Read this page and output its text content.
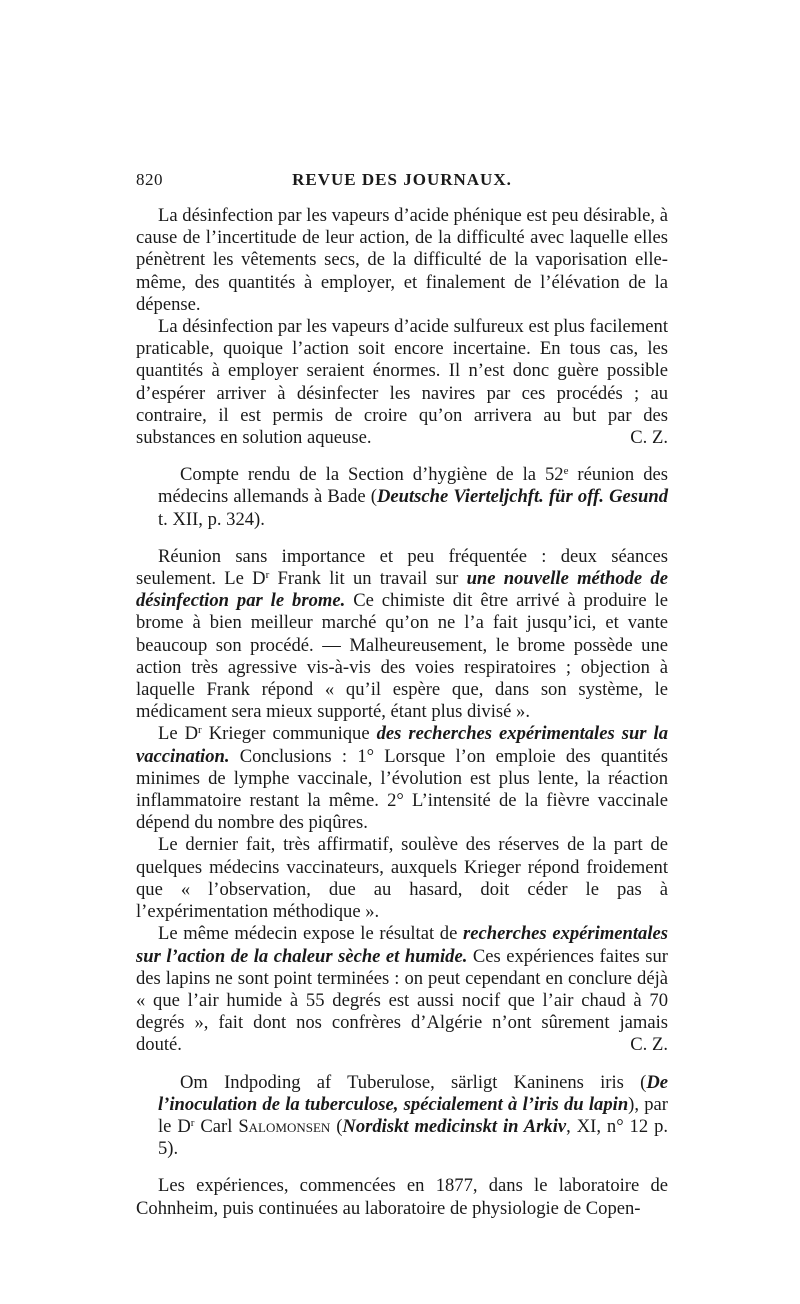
820	REVUE DES JOURNAUX.

La désinfection par les vapeurs d’acide phénique est peu désirable, à cause de l’incertitude de leur action, de la difficulté avec laquelle elles pénètrent les vêtements secs, de la difficulté de la vaporisation elle-même, des quantités à employer, et finalement de l’élévation de la dépense.

La désinfection par les vapeurs d’acide sulfureux est plus facilement praticable, quoique l’action soit encore incertaine. En tous cas, les quantités à employer seraient énormes. Il n’est donc guère possible d’espérer arriver à désinfecter les navires par ces procédés ; au contraire, il est permis de croire qu’on arrivera au but par des substances en solution aqueuse.	C. Z.

Compte rendu de la Section d’hygiène de la 52e réunion des médecins allemands à Bade (Deutsche Vierteljchft. für off. Gesund t. XII, p. 324).

Réunion sans importance et peu fréquentée : deux séances seulement. Le $D^r$ Frank lit un travail sur une nouvelle méthode de désinfection par le brome. Ce chimiste dit être arrivé à produire le brome à bien meilleur marché qu’on ne l’a fait jusqu’ici, et vante beaucoup son procédé. — Malheureusement, le brome possède une action très agressive vis-à-vis des voies respiratoires ; objection à laquelle Frank répond « qu’il espère que, dans son système, le médicament sera mieux supporté, étant plus divisé ».

Le $D^r$ Krieger communique des recherches expérimentales sur la vaccination. Conclusions : 1° Lorsque l’on emploie des quantités minimes de lymphe vaccinale, l’évolution est plus lente, la réaction inflammatoire restant la même. 2° L’intensité de la fièvre vaccinale dépend du nombre des piqûres.

Le dernier fait, très affirmatif, soulève des réserves de la part de quelques médecins vaccinateurs, auxquels Krieger répond froidement que « l’observation, due au hasard, doit céder le pas à l’expérimentation méthodique ».

Le même médecin expose le résultat de recherches expérimentales sur l’action de la chaleur sèche et humide. Ces expériences faites sur des lapins ne sont point terminées : on peut cependant en conclure déjà « que l’air humide à 55 degrés est aussi nocif que l’air chaud à 70 degrés », fait dont nos confrères d’Algérie n’ont sûrement jamais douté.	C. Z.

Om Indpoding af Tuberulose, särligt Kaninens iris (De l’inoculation de la tuberculose, spécialement à l’iris du lapin), par le $D^r$ Carl Salomonsen (Nordiskt medicinskt in Arkiv, XI, n° 12 p. 5).

Les expériences, commencées en 1877, dans le laboratoire de Cohnheim, puis continuées au laboratoire de physiologie de Copen-
